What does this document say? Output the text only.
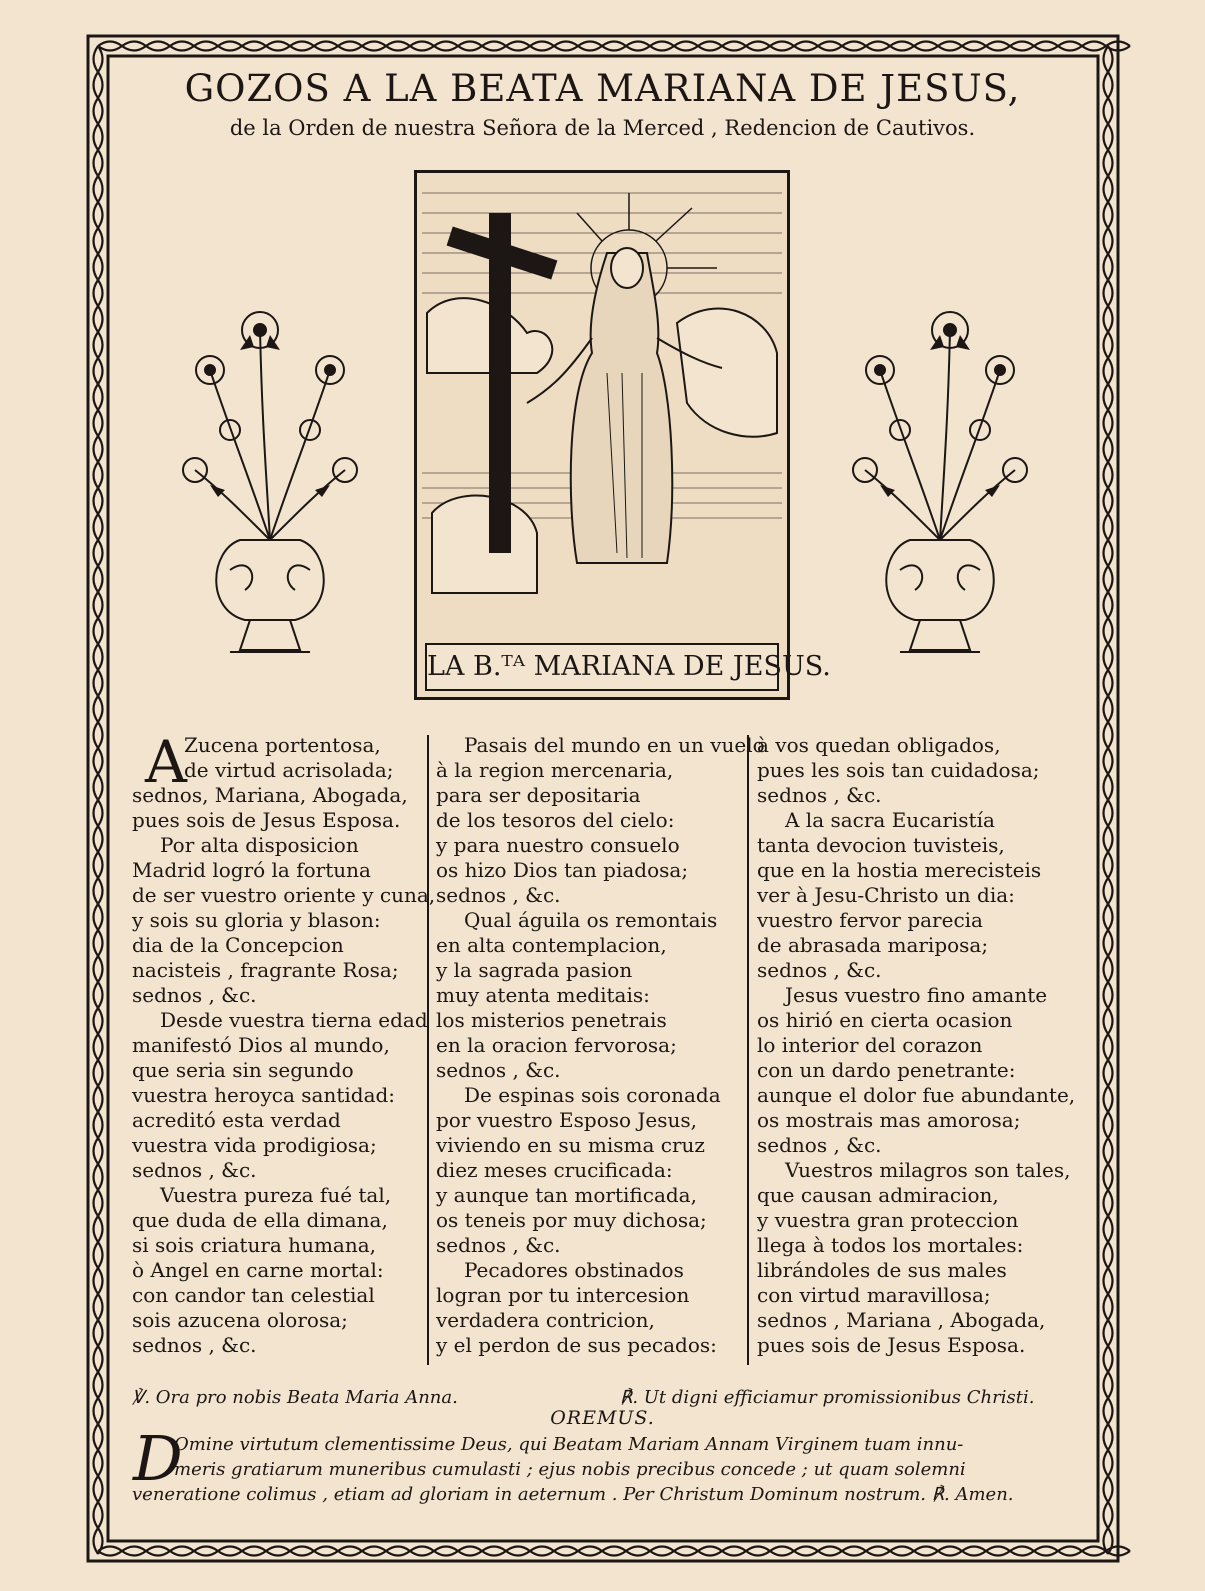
GOZOS A LA BEATA MARIANA DE JESUS,
de la Orden de nuestra Señora de la Merced , Redencion de Cautivos.
LA B.ᵀᴬ MARIANA DE JESUS.
A
Zucena portentosa,
de virtud acrisolada;
sednos, Mariana, Abogada,
pues sois de Jesus Esposa.
Por alta disposicion
Madrid logró la fortuna
de ser vuestro oriente y cuna,
y sois su gloria y blason:
dia de la Concepcion
nacisteis , fragrante Rosa;
sednos , &c.
Desde vuestra tierna edad
manifestó Dios al mundo,
que seria sin segundo
vuestra heroyca santidad:
acreditó esta verdad
vuestra vida prodigiosa;
sednos , &c.
Vuestra pureza fué tal,
que duda de ella dimana,
si sois criatura humana,
ò Angel en carne mortal:
con candor tan celestial
sois azucena olorosa;
sednos , &c.
Pasais del mundo en un vuelo
à la region mercenaria,
para ser depositaria
de los tesoros del cielo:
y para nuestro consuelo
os hizo Dios tan piadosa;
sednos , &c.
Qual águila os remontais
en alta contemplacion,
y la sagrada pasion
muy atenta meditais:
los misterios penetrais
en la oracion fervorosa;
sednos , &c.
De espinas sois coronada
por vuestro Esposo Jesus,
viviendo en su misma cruz
diez meses crucificada:
y aunque tan mortificada,
os teneis por muy dichosa;
sednos , &c.
Pecadores obstinados
logran por tu intercesion
verdadera contricion,
y el perdon de sus pecados:
à vos quedan obligados,
pues les sois tan cuidadosa;
sednos , &c.
A la sacra Eucaristía
tanta devocion tuvisteis,
que en la hostia merecisteis
ver à Jesu-Christo un dia:
vuestro fervor parecia
de abrasada mariposa;
sednos , &c.
Jesus vuestro fino amante
os hirió en cierta ocasion
lo interior del corazon
con un dardo penetrante:
aunque el dolor fue abundante,
os mostrais mas amorosa;
sednos , &c.
Vuestros milagros son tales,
que causan admiracion,
y vuestra gran proteccion
llega à todos los mortales:
librándoles de sus males
con virtud maravillosa;
sednos , Mariana , Abogada,
pues sois de Jesus Esposa.
℣. Ora pro nobis Beata Maria Anna.	℟. Ut digni efficiamur promissionibus Christi.
OREMUS.
D
Omine virtutum clementissime Deus, qui Beatam Mariam Annam Virginem tuam innu-
meris gratiarum muneribus cumulasti ; ejus nobis precibus concede ; ut quam solemni
veneratione colimus , etiam ad gloriam in aeternum . Per Christum Dominum nostrum. ℟. Amen.
